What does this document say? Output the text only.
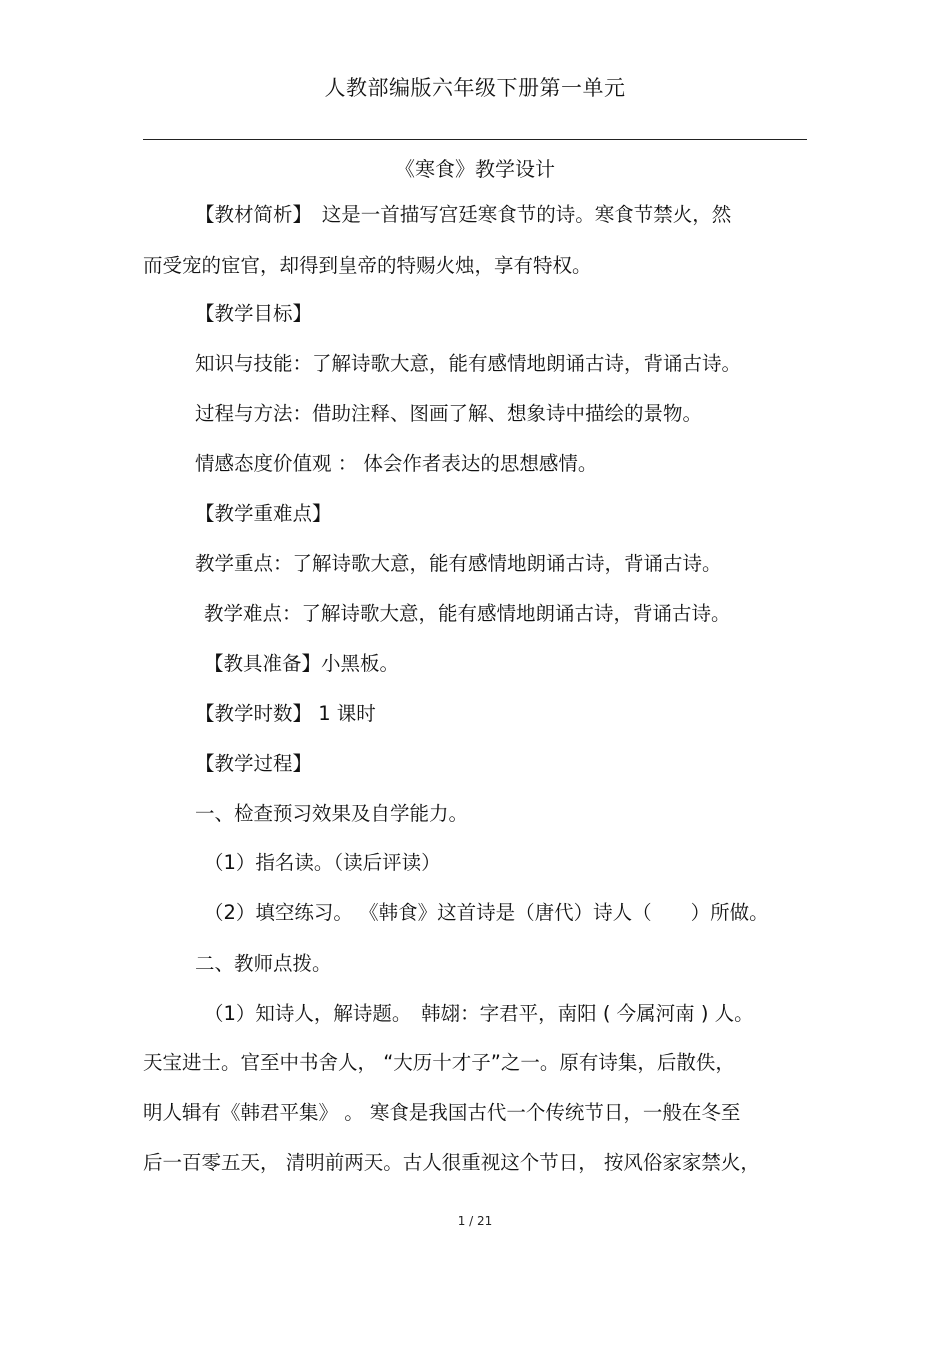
人教部编版六年级下册第一单元
《寒食》教学设计
【教材简析】　这是一首描写宫廷寒食节的诗。寒食节禁火，然
而受宠的宦官，却得到皇帝的特赐火烛，享有特权。
【教学目标】
知识与技能：了解诗歌大意，能有感情地朗诵古诗，背诵古诗。
过程与方法：借助注释、图画了解、想象诗中描绘的景物。
情感态度价值观 ： 体会作者表达的思想感情。
【教学重难点】
教学重点：了解诗歌大意，能有感情地朗诵古诗，背诵古诗。
教学难点：了解诗歌大意，能有感情地朗诵古诗，背诵古诗。
【教具准备】小黑板。
【教学时数】 1 课时
【教学过程】
一、检查预习效果及自学能力。
（1）指名读。（读后评读）
（2）填空练习。 《韩食》这首诗是（唐代）诗人（　　）所做。
二、教师点拨。
（1）知诗人，解诗题。　韩翃：字君平，南阳 ( 今属河南 ) 人。
天宝进士。官至中书舍人， “大历十才子”之一。原有诗集，后散佚，
明人辑有《韩君平集》 。 寒食是我国古代一个传统节日，一般在冬至
后一百零五天， 清明前两天。古人很重视这个节日， 按风俗家家禁火，
1 / 21
